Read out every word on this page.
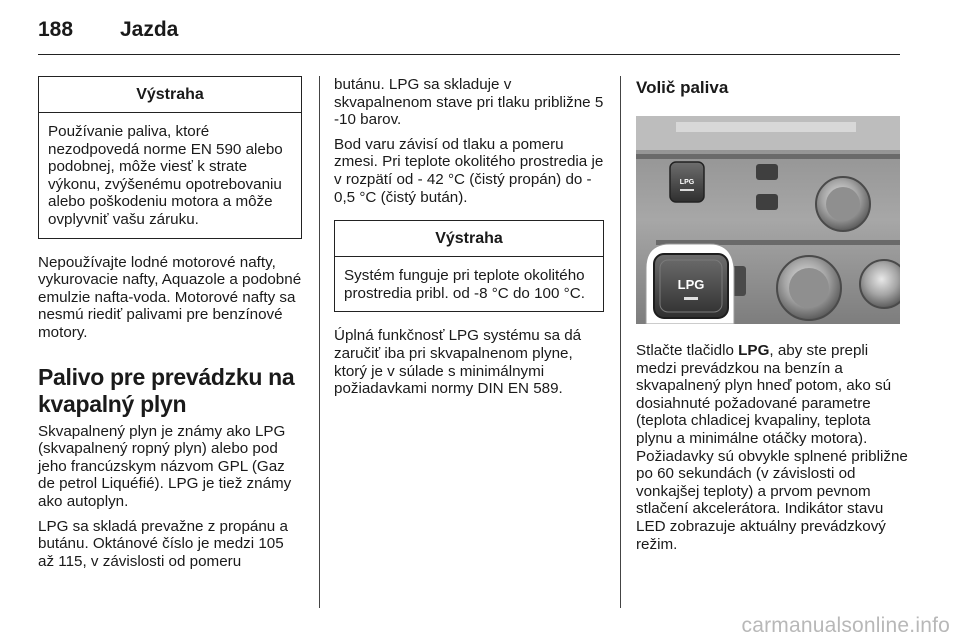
188 Jazda
Výstraha
Používanie paliva, ktoré nezodpovedá norme EN 590 alebo podobnej, môže viesť k strate výkonu, zvýšenému opotrebovaniu alebo poškodeniu motora a môže ovplyvniť vašu záruku.

Nepoužívajte lodné motorové nafty, vykurovacie nafty, Aquazole a podobné emulzie nafta-voda. Motorové nafty sa nesmú riediť palivami pre benzínové motory.

Palivo pre prevádzku na kvapalný plyn

Skvapalnený plyn je známy ako LPG (skvapalnený ropný plyn) alebo pod jeho francúzskym názvom GPL (Gaz de petrol Liquéfié). LPG je tiež známy ako autoplyn.

LPG sa skladá prevažne z propánu a butánu. Oktánové číslo je medzi 105 až 115, v závislosti od pomeru

butánu. LPG sa skladuje v skvapalnenom stave pri tlaku približne 5 -10 barov.

Bod varu závisí od tlaku a pomeru zmesi. Pri teplote okolitého prostredia je v rozpätí od - 42 °C (čistý propán) do - 0,5 °C (čistý bután).

Výstraha
Systém funguje pri teplote okolitého prostredia pribl. od -8 °C do 100 °C.

Úplná funkčnosť LPG systému sa dá zaručiť iba pri skvapalnenom plyne, ktorý je v súlade s minimálnymi požiadavkami normy DIN EN 589.

Volič paliva
LPG
LPG

Stlačte tlačidlo LPG, aby ste prepli medzi prevádzkou na benzín a skvapalnený plyn hneď potom, ako sú dosiahnuté požadované parametre (teplota chladicej kvapaliny, teplota plynu a minimálne otáčky motora). Požiadavky sú obvykle splnené približne po 60 sekundách (v závislosti od vonkajšej teploty) a prvom pevnom stlačení akcelerátora. Indikátor stavu LED zobrazuje aktuálny prevádzkový režim.

carmanualsonline.info
